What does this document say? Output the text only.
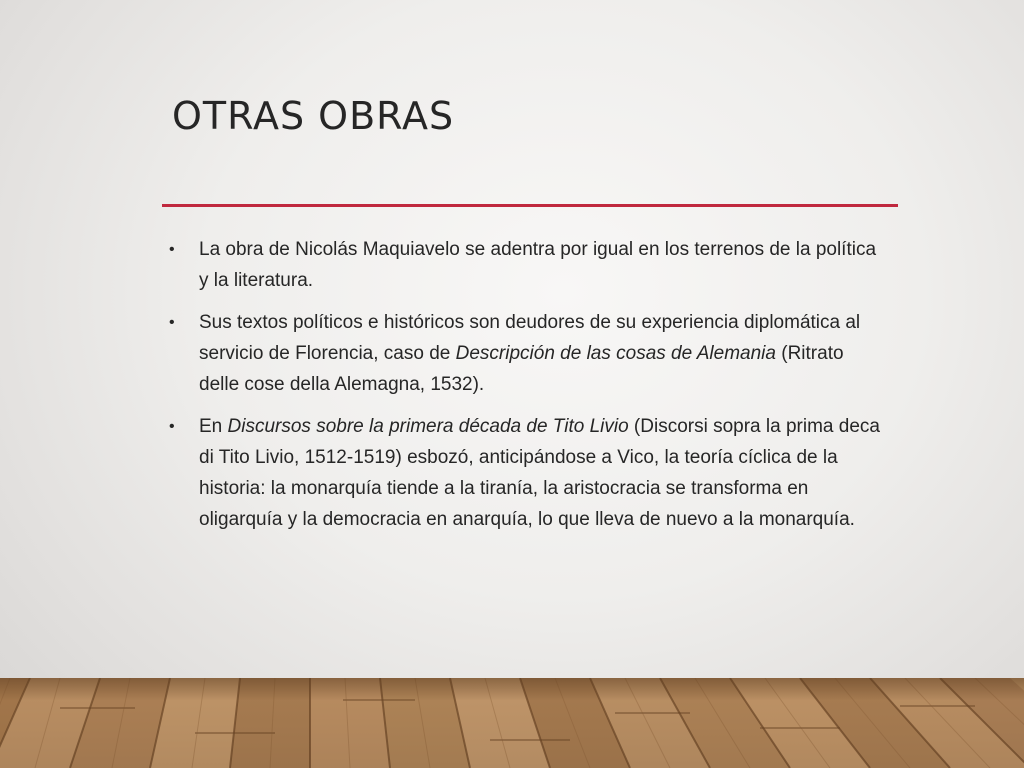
OTRAS OBRAS
• La obra de Nicolás Maquiavelo se adentra por igual en los terrenos de la política y la literatura.
• Sus textos políticos e históricos son deudores de su experiencia diplomática al servicio de Florencia, caso de Descripción de las cosas de Alemania (Ritrato delle cose della Alemagna, 1532).
• En Discursos sobre la primera década de Tito Livio (Discorsi sopra la prima deca di Tito Livio, 1512-1519) esbozó, anticipándose a Vico, la teoría cíclica de la historia: la monarquía tiende a la tiranía, la aristocracia se transforma en oligarquía y la democracia en anarquía, lo que lleva de nuevo a la monarquía.
